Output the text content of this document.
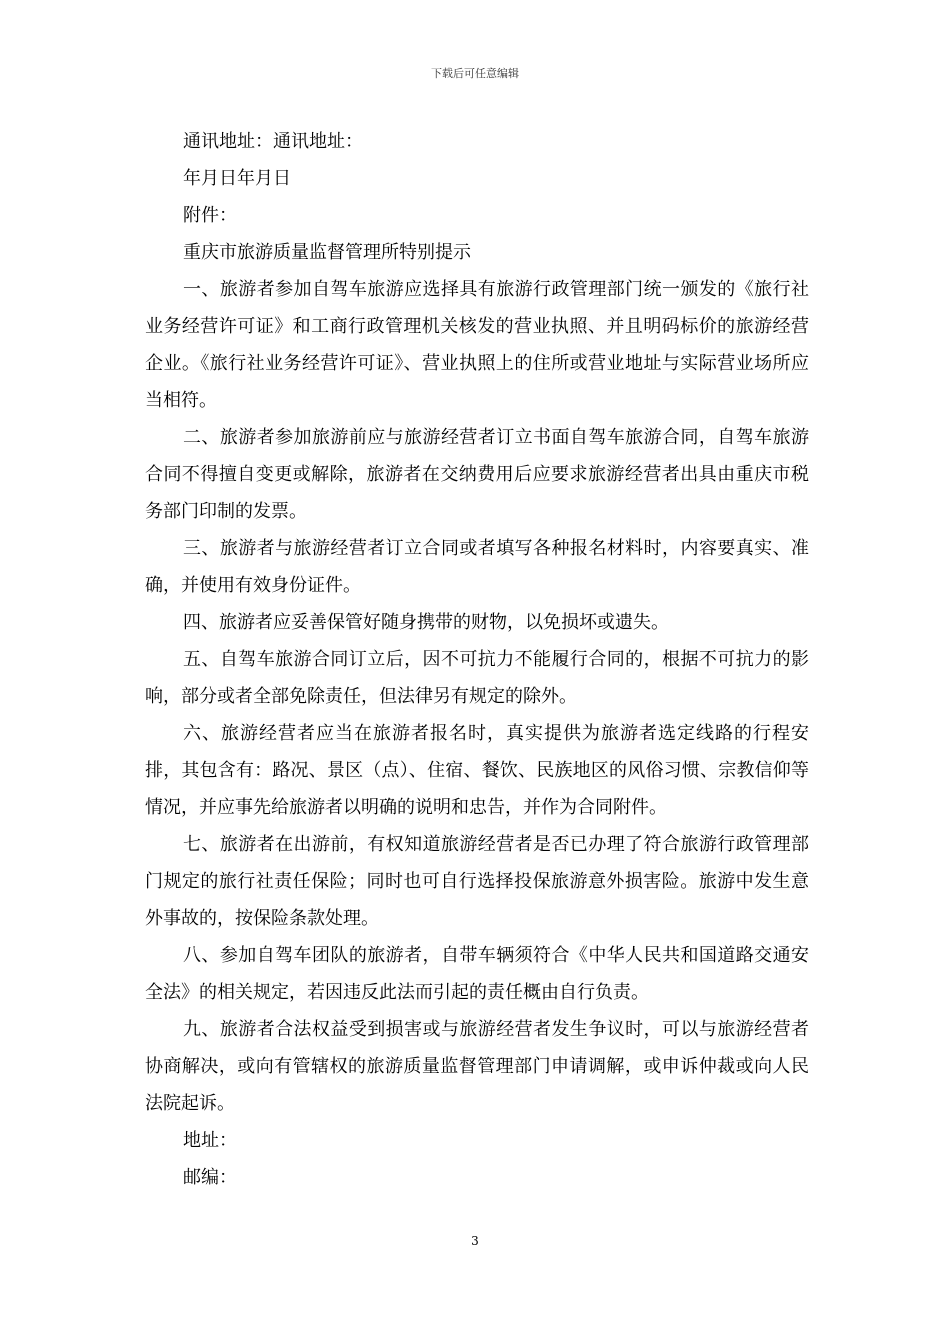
下载后可任意编辑

通讯地址：通讯地址：

年月日年月日

附件：

重庆市旅游质量监督管理所特别提示

一、旅游者参加自驾车旅游应选择具有旅游行政管理部门统一颁发的《旅行社业务经营许可证》和工商行政管理机关核发的营业执照、并且明码标价的旅游经营企业。《旅行社业务经营许可证》、营业执照上的住所或营业地址与实际营业场所应当相符。

二、旅游者参加旅游前应与旅游经营者订立书面自驾车旅游合同，自驾车旅游合同不得擅自变更或解除，旅游者在交纳费用后应要求旅游经营者出具由重庆市税务部门印制的发票。

三、旅游者与旅游经营者订立合同或者填写各种报名材料时，内容要真实、准确，并使用有效身份证件。

四、旅游者应妥善保管好随身携带的财物，以免损坏或遗失。

五、自驾车旅游合同订立后，因不可抗力不能履行合同的，根据不可抗力的影响，部分或者全部免除责任，但法律另有规定的除外。

六、旅游经营者应当在旅游者报名时，真实提供为旅游者选定线路的行程安排，其包含有：路况、景区（点）、住宿、餐饮、民族地区的风俗习惯、宗教信仰等情况，并应事先给旅游者以明确的说明和忠告，并作为合同附件。

七、旅游者在出游前，有权知道旅游经营者是否已办理了符合旅游行政管理部门规定的旅行社责任保险；同时也可自行选择投保旅游意外损害险。旅游中发生意外事故的，按保险条款处理。

八、参加自驾车团队的旅游者，自带车辆须符合《中华人民共和国道路交通安全法》的相关规定，若因违反此法而引起的责任概由自行负责。

九、旅游者合法权益受到损害或与旅游经营者发生争议时，可以与旅游经营者协商解决，或向有管辖权的旅游质量监督管理部门申请调解，或申诉仲裁或向人民法院起诉。

地址：

邮编：

3
